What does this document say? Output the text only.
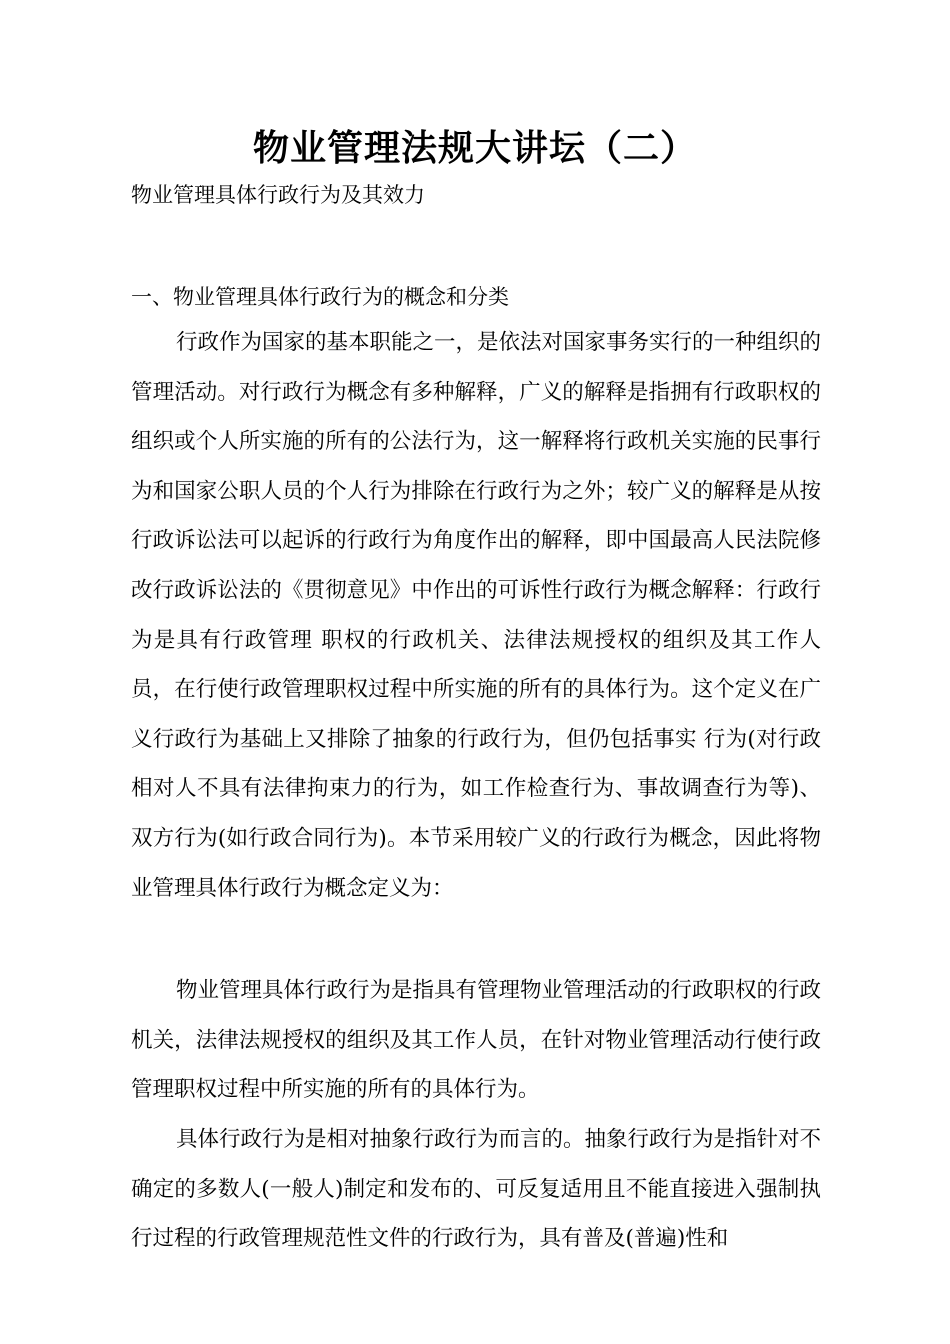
物业管理法规大讲坛（二）
物业管理具体行政行为及其效力
一、物业管理具体行政行为的概念和分类

行政作为国家的基本职能之一，是依法对国家事务实行的一种组织的管理活动。对行政行为概念有多种解释，广义的解释是指拥有行政职权的组织或个人所实施的所有的公法行为，这一解释将行政机关实施的民事行为和国家公职人员的个人行为排除在行政行为之外；较广义的解释是从按行政诉讼法可以起诉的行政行为角度作出的解释，即中国最高人民法院修改行政诉讼法的《贯彻意见》中作出的可诉性行政行为概念解释：行政行为是具有行政管理 职权的行政机关、法律法规授权的组织及其工作人员，在行使行政管理职权过程中所实施的所有的具体行为。这个定义在广义行政行为基础上又排除了抽象的行政行为，但仍包括事实 行为(对行政相对人不具有法律拘束力的行为，如工作检查行为、事故调查行为等)、双方行为(如行政合同行为)。本节采用较广义的行政行为概念，因此将物业管理具体行政行为概念定义为：

物业管理具体行政行为是指具有管理物业管理活动的行政职权的行政机关，法律法规授权的组织及其工作人员，在针对物业管理活动行使行政管理职权过程中所实施的所有的具体行为。

具体行政行为是相对抽象行政行为而言的。抽象行政行为是指针对不确定的多数人(一般人)制定和发布的、可反复适用且不能直接进入强制执行过程的行政管理规范性文件的行政行为，具有普及(普遍)性和
